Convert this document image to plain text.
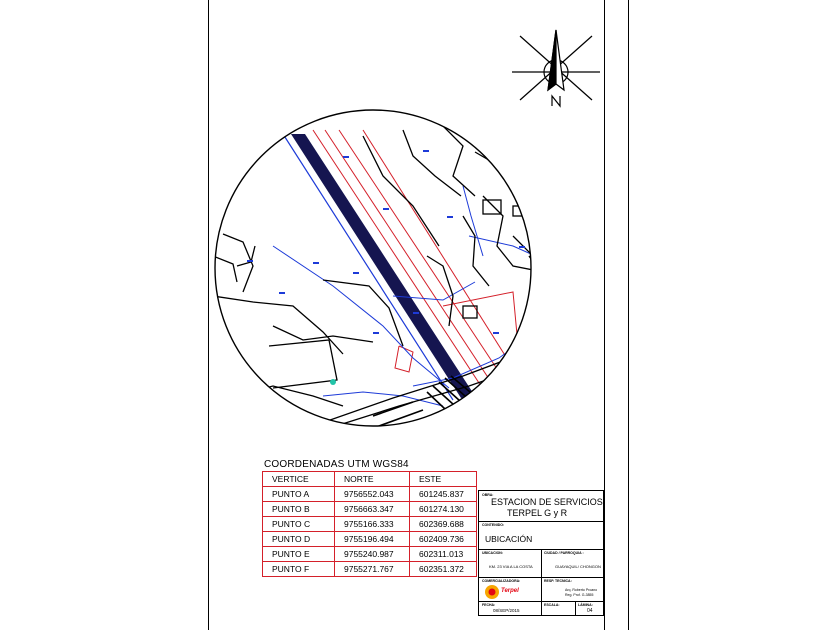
COORDENADAS UTM WGS84
VERTICE	NORTE	ESTE
PUNTO A	9756552.043	601245.837
PUNTO B	9756663.347	601274.130
PUNTO C	9755166.333	602369.688
PUNTO D	9755196.494	602409.736
PUNTO E	9755240.987	602311.013
PUNTO F	9755271.767	602351.372
OBRA:
ESTACION DE SERVICIOS
TERPEL G y R
CONTENIDO:
UBICACIÓN
UBICACION:
KM. 23 VIA A LA COSTA
CIUDAD / PARROQUIA :
GUAYAQUIL/ CHONGON
COMERCIALIZADORA:
Terpel
RESP. TECNICA:
Arq. Roberto Proano
Reg. Prof. G-3855
FECHA:
08/SEP/2015
ESCALA:	LÁMINA:
04
